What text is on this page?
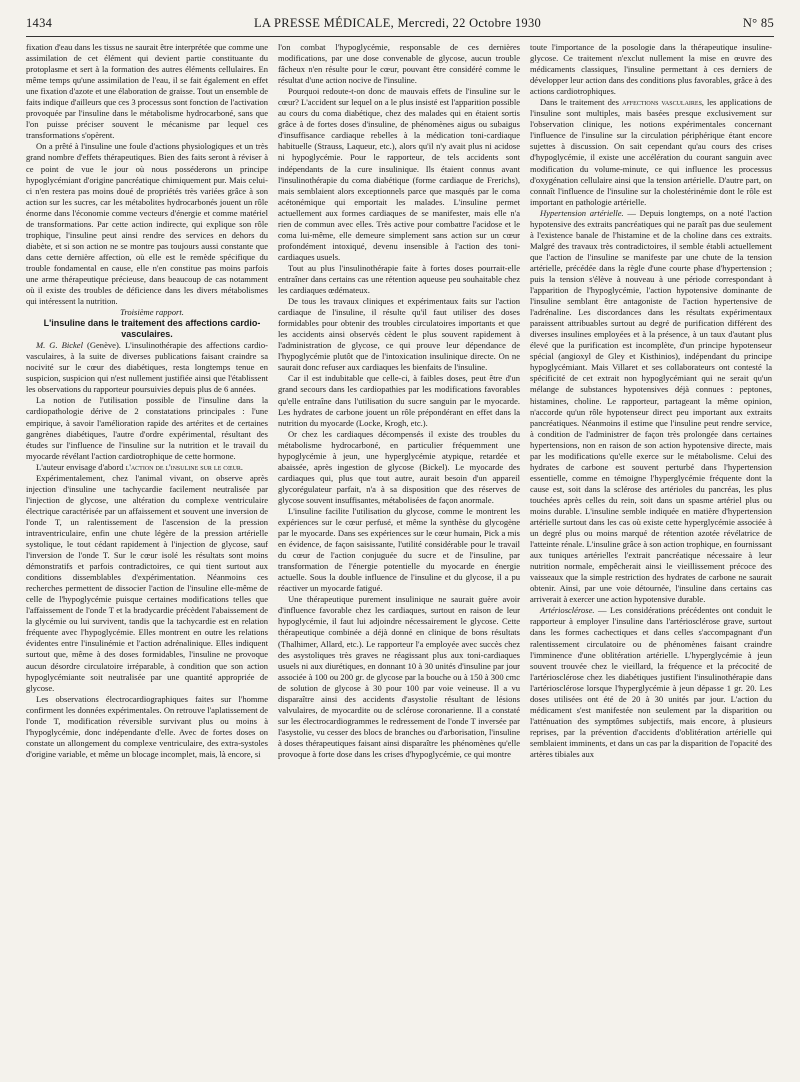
1434	LA PRESSE MÉDICALE, Mercredi, 22 Octobre 1930	N° 85

fixation d'eau dans les tissus ne saurait être interprétée que comme une assimilation de cet élément qui devient partie constituante du protoplasme et sert à la formation des autres éléments cellulaires. En même temps qu'une assimilation de l'eau, il se fait également en effet une fixation d'azote et une élaboration de graisse. Tout un ensemble de faits indique d'ailleurs que ces 3 processus sont fonction de l'activation provoquée par l'insuline dans le métabolisme hydrocarboné, sans que l'on puisse préciser souvent le mécanisme par lequel ces transformations s'opèrent.

On a prêté à l'insuline une foule d'actions physiologiques et un très grand nombre d'effets thérapeutiques. Bien des faits seront à réviser à ce point de vue le jour où nous posséderons un principe hypoglycémiant d'origine pancréatique chimiquement pur. Mais celui-ci n'en restera pas moins doué de propriétés très variées grâce à son action sur les sucres, car les métabolites hydrocarbonés jouent un rôle énorme dans l'économie comme vecteurs d'énergie et comme matériel de transformations. Par cette action indirecte, qui explique son rôle trophique, l'insuline peut ainsi rendre des services en dehors du diabète, et si son action ne se montre pas toujours aussi constante que dans cette dernière affection, où elle est le remède spécifique du trouble fondamental en cause, elle n'en constitue pas moins parfois une arme thérapeutique précieuse, dans beaucoup de cas notamment où il existe des troubles de déficience dans les divers métabolismes qui intéressent la nutrition.

Troisième rapport.

L'insuline dans le traitement des affections cardio-vasculaires.

M. G. Bickel (Genève). L'insulinothérapie des affections cardio-vasculaires, à la suite de diverses publications faisant craindre sa nocivité sur le cœur des diabétiques, resta longtemps tenue en suspicion, suspicion qui n'est nullement justifiée ainsi que l'établissent les observations du rapporteur poursuivies depuis plus de 6 années.

La notion de l'utilisation possible de l'insuline dans la cardiopathologie dérive de 2 constatations principales : l'une empirique, à savoir l'amélioration rapide des artérites et de certaines gangrènes diabétiques, l'autre d'ordre expérimental, résultant des études sur l'influence de l'insuline sur la nutrition et le travail du myocarde révélant l'action cardiotrophique de cette hormone.

L'auteur envisage d'abord l'action de l'insuline sur le cœur.

Expérimentalement, chez l'animal vivant, on observe après injection d'insuline une tachycardie facilement neutralisée par l'injection de glycose, une altération du complexe ventriculaire électrique caractérisée par un affaissement et souvent une inversion de l'onde T, un ralentissement de l'ascension de la pression intraventriculaire, enfin une chute légère de la pression artérielle systolique, le tout cédant rapidement à l'injection de glycose, sauf l'inversion de l'onde T. Sur le cœur isolé les résultats sont moins démonstratifs et parfois contradictoires, ce qui tient surtout aux conditions dissemblables d'expérimentation. Néanmoins ces recherches permettent de dissocier l'action de l'insuline elle-même de celle de l'hypoglycémie puisque certaines modifications telles que l'affaissement de l'onde T et la bradycardie précèdent l'abaissement de la glycémie ou lui survivent, tandis que la tachycardie est en relation fréquente avec l'hypoglycémie. Elles montrent en outre les relations évidentes entre l'insulinémie et l'action adrénalinique. Elles indiquent surtout que, même à des doses formidables, l'insuline ne provoque aucun désordre circulatoire irréparable, à condition que son action hypoglycémiante soit neutralisée par une quantité appropriée de glycose.

Les observations électrocardiographiques faites sur l'homme confirment les données expérimentales. On retrouve l'aplatissement de l'onde T, modification réversible survivant plus ou moins à l'hypoglycémie, donc indépendante d'elle. Avec de fortes doses on constate un allongement du complexe ventriculaire, des extra-systoles d'origine variable, et même un blocage incomplet, mais, là encore, si

l'on combat l'hypoglycémie, responsable de ces dernières modifications, par une dose convenable de glycose, aucun trouble fâcheux n'en résulte pour le cœur, pouvant être considéré comme le résultat d'une action nocive de l'insuline.

Pourquoi redoute-t-on donc de mauvais effets de l'insuline sur le cœur? L'accident sur lequel on a le plus insisté est l'apparition possible au cours du coma diabétique, chez des malades qui en étaient sortis grâce à de fortes doses d'insuline, de phénomènes aigus ou subaigus d'insuffisance cardiaque rebelles à la médication toni-cardiaque habituelle (Strauss, Laqueur, etc.), alors qu'il n'y avait plus ni acidose ni hypoglycémie. Pour le rapporteur, de tels accidents sont indépendants de la cure insulinique. Ils étaient connus avant l'insulinothérapie du coma diabétique (forme cardiaque de Frerichs), mais semblaient alors exceptionnels parce que masqués par le coma acétonémique qui emportait les malades. L'insuline permet actuellement aux formes cardiaques de se manifester, mais elle n'a rien de commun avec elles. Très active pour combattre l'acidose et le coma lui-même, elle demeure simplement sans action sur un cœur profondément intoxiqué, devenu insensible à l'action des toni-cardiaques usuels.

Tout au plus l'insulinothérapie faite à fortes doses pourrait-elle entraîner dans certains cas une rétention aqueuse peu souhaitable chez les cardiaques œdémateux.

De tous les travaux cliniques et expérimentaux faits sur l'action cardiaque de l'insuline, il résulte qu'il faut utiliser des doses formidables pour obtenir des troubles circulatoires importants et que les accidents ainsi observés cèdent le plus souvent rapidement à l'administration de glycose, ce qui prouve leur dépendance de l'hypoglycémie plutôt que de l'intoxication insulinique directe. On ne saurait donc refuser aux cardiaques les bienfaits de l'insuline.

Car il est indubitable que celle-ci, à faibles doses, peut être d'un grand secours dans les cardiopathies par les modifications favorables qu'elle entraîne dans l'utilisation du sucre sanguin par le myocarde. Les hydrates de carbone jouent un rôle prépondérant en effet dans la nutrition du myocarde (Locke, Krogh, etc.).

Or chez les cardiaques décompensés il existe des troubles du métabolisme hydrocarboné, en particulier fréquemment une hypoglycémie à jeun, une hyperglycémie atypique, retardée et abaissée, après ingestion de glycose (Bickel). Le myocarde des cardiaques qui, plus que tout autre, aurait besoin d'un appareil glycorégulateur parfait, n'a à sa disposition que des réserves de glycose souvent insuffisantes, métabolisées de façon anormale.

L'insuline facilite l'utilisation du glycose, comme le montrent les expériences sur le cœur perfusé, et même la synthèse du glycogène par le myocarde. Dans ses expériences sur le cœur humain, Pick a mis en évidence, de façon saisissante, l'utilité considérable pour le travail du cœur de l'action conjuguée du sucre et de l'insuline, par transformation de l'énergie potentielle du myocarde en énergie actuelle. Sous la double influence de l'insuline et du glycose, il a pu réactiver un myocarde fatigué.

Une thérapeutique purement insulinique ne saurait guère avoir d'influence favorable chez les cardiaques, surtout en raison de leur hypoglycémie, il faut lui adjoindre nécessairement le glycose. Cette thérapeutique combinée a déjà donné en clinique de bons résultats (Thalhimer, Allard, etc.). Le rapporteur l'a employée avec succès chez des asystoliques très graves ne réagissant plus aux toni-cardiaques usuels ni aux diurétiques, en donnant 10 à 30 unités d'insuline par jour associée à 100 ou 200 gr. de glycose par la bouche ou à 150 à 300 cmc de solution de glycose à 30 pour 100 par voie veineuse. Il a vu disparaître ainsi des accidents d'asystolie résultant de lésions valvulaires, de myocardite ou de sclérose coronarienne. Il a constaté sur les électrocardiogrammes le redressement de l'onde T inversée par l'asystolie, vu cesser des blocs de branches ou d'arborisation, l'insuline à doses thérapeutiques faisant ainsi disparaître les phénomènes qu'elle provoque à forte dose dans les crises d'hypoglycémie, ce qui montre

toute l'importance de la posologie dans la thérapeutique insuline-glycose. Ce traitement n'exclut nullement la mise en œuvre des médicaments classiques, l'insuline permettant à ces derniers de développer leur action dans des conditions plus favorables, grâce à des actions cardiotrophiques.

Dans le traitement des affections vasculaires, les applications de l'insuline sont multiples, mais basées presque exclusivement sur l'observation clinique, les notions expérimentales concernant l'influence de l'insuline sur la circulation périphérique étant encore sujettes à discussion. On sait cependant qu'au cours des crises d'hypoglycémie, il existe une accélération du courant sanguin avec modification du volume-minute, ce qui influence les processus d'oxygénation cellulaire ainsi que la tension artérielle. D'autre part, on connaît l'influence de l'insuline sur la cholestérinémie dont le rôle est important en pathologie artérielle.

Hypertension artérielle. — Depuis longtemps, on a noté l'action hypotensive des extraits pancréatiques qui ne paraît pas due seulement à l'existence banale de l'histamine et de la choline dans ces extraits. Malgré des travaux très contradictoires, il semble établi actuellement que l'action de l'insuline se manifeste par une chute de la tension artérielle, précédée dans la règle d'une courte phase d'hypertension ; puis la tension s'élève à nouveau à une période correspondant à l'apparition de l'hypoglycémie, l'action hypotensive dominante de l'insuline semblant être antagoniste de l'action hypertensive de l'adrénaline. Les discordances dans les résultats expérimentaux paraissent attribuables surtout au degré de purification différent des diverses insulines employées et à la présence, à un taux d'autant plus élevé que la purification est incomplète, d'un principe hypotenseur spécial (angioxyl de Gley et Kisthinios), indépendant du principe hypoglycémiant. Mais Villaret et ses collaborateurs ont contesté la spécificité de cet extrait non hypoglycémiant qui ne serait qu'un mélange de substances hypotensives déjà connues : peptones, histamines, choline. Le rapporteur, partageant la même opinion, n'accorde qu'un rôle hypotenseur direct peu important aux extraits pancréatiques. Néanmoins il estime que l'insuline peut rendre service, à condition de l'administrer de façon très prolongée dans certaines hypertensions, non en raison de son action hypotensive directe, mais par les modifications qu'elle exerce sur le métabolisme. Celui des hydrates de carbone est souvent perturbé dans l'hypertension essentielle, comme en témoigne l'hyperglycémie fréquente dont la cause est, soit dans la sclérose des artérioles du pancréas, les plus touchées après celles du rein, soit dans un spasme artériel plus ou moins durable. L'insuline semble indiquée en matière d'hypertension artérielle surtout dans les cas où existe cette hyperglycémie associée à un degré plus ou moins marqué de rétention azotée révélatrice de l'atteinte rénale. L'insuline grâce à son action trophique, en fournissant aux tuniques artérielles l'extrait pancréatique nécessaire à leur nutrition normale, empêcherait ainsi le vieillissement précoce des vaisseaux que la simple restriction des hydrates de carbone ne saurait obtenir. Ainsi, par une voie détournée, l'insuline dans certains cas arriverait à exercer une action hypotensive durable.

Artériosclérose. — Les considérations précédentes ont conduit le rapporteur à employer l'insuline dans l'artériosclérose grave, surtout dans les formes cachectiques et dans celles s'accompagnant d'un ralentissement circulatoire ou de phénomènes faisant craindre l'imminence d'une oblitération artérielle. L'hyperglycémie à jeun souvent trouvée chez le vieillard, la fréquence et la précocité de l'artériosclérose chez les diabétiques justifient l'insulinothérapie dans l'artériosclérose lorsque l'hyperglycémie à jeun dépasse 1 gr. 20. Les doses utilisées ont été de 20 à 30 unités par jour. L'action du médicament s'est manifestée non seulement par la disparition ou l'atténuation des symptômes subjectifs, mais encore, à plusieurs reprises, par la prévention d'accidents d'oblitération artérielle qui semblaient imminents, et dans un cas par la disparition de l'opacité des artères tibiales aux
